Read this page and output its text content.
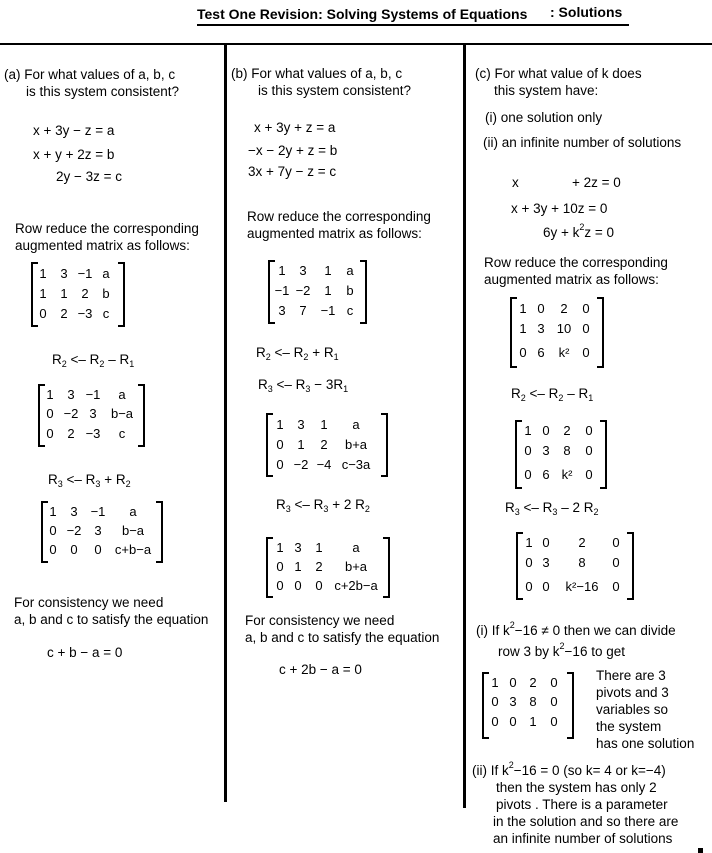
Test One Revision: Solving Systems of Equations : Solutions
(a) For what values of a, b, c
is this system consistent?
x + 3y − z = a
x + y + 2z = b
2y − 3z = c
Row reduce the corresponding
augmented matrix as follows:
1 3 −1 a
1 1 2 b
0 2 −3 c
$R_2 <- R_2 - R_1$
1 3 −1 a
0 −2 3 b−a
0 2 −3 c
$R_3 <- R_3 + R_2$
1 3 −1 a
0 −2 3 b−a
0 0 0 c+b−a
For consistency we need
a, b and c to satisfy the equation
c + b − a = 0
(b) For what values of a, b, c
is this system consistent?
x + 3y + z = a
−x − 2y + z = b
3x + 7y − z = c
Row reduce the corresponding
augmented matrix as follows:
1 3 1 a
−1 −2 1 b
3 7 −1 c
$R_2 <- R_2 + R_1$
$R_3 <- R_3 - 3R_1$
1 3 1 a
0 1 2 b+a
0 −2 −4 c−3a
$R_3 <- R_3 + 2$ $R_2$
1 3 1 a
0 1 2 b+a
0 0 0 c+2b−a
For consistency we need
a, b and c to satisfy the equation
c + 2b − a = 0
(c) For what value of k does
this system have:
(i) one solution only
(ii) an infinite number of solutions
x	+ 2z = 0
x + 3y + 10z = 0
$6y + k^2z = 0$
Row reduce the corresponding
augmented matrix as follows:
1 0 2 0
1 3 10 0
0 6 k² 0
$R_2 <- R_2 - R_1$
1 0 2 0
0 3 8 0
0 6 k² 0
$R_3 <- R_3 - 2$ $R_2$
1 0 2 0
0 3 8 0
0 0 k²−16 0
(i) If $k^2-16 \ne 0$ then we can divide
row 3 by $k^2-16$ to get
1 0 2 0
0 3 8 0
0 0 1 0
There are 3
pivots and 3
variables so
the system
has one solution
(ii) If $k^2-16 = 0$ (so k= 4 or k=−4)
then the system has only 2
pivots . There is a parameter
in the solution and so there are
an infinite number of solutions
